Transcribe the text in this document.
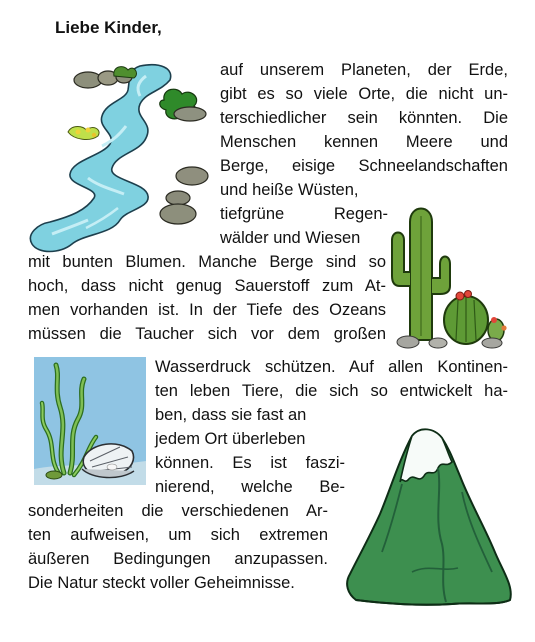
Liebe Kinder,
auf unserem Planeten, der Erde,
gibt es so viele Orte, die nicht un-
terschiedlicher sein könnten. Die
Menschen kennen Meere und
Berge, eisige Schneelandschaften
und heiße Wüsten,
tiefgrüne Regen-
wälder und Wiesen
mit bunten Blumen. Manche Berge sind so
hoch, dass nicht genug Sauerstoff zum At-
men vorhanden ist. In der Tiefe des Ozeans
müssen die Taucher sich vor dem großen
Wasserdruck schützen. Auf allen Kontinen-
ten leben Tiere, die sich so entwickelt ha-
ben, dass sie fast an
jedem Ort überleben
können. Es ist faszi-
nierend, welche Be-
sonderheiten die verschiedenen Ar-
ten aufweisen, um sich extremen
äußeren Bedingungen anzupassen.
Die Natur steckt voller Geheimnisse.
